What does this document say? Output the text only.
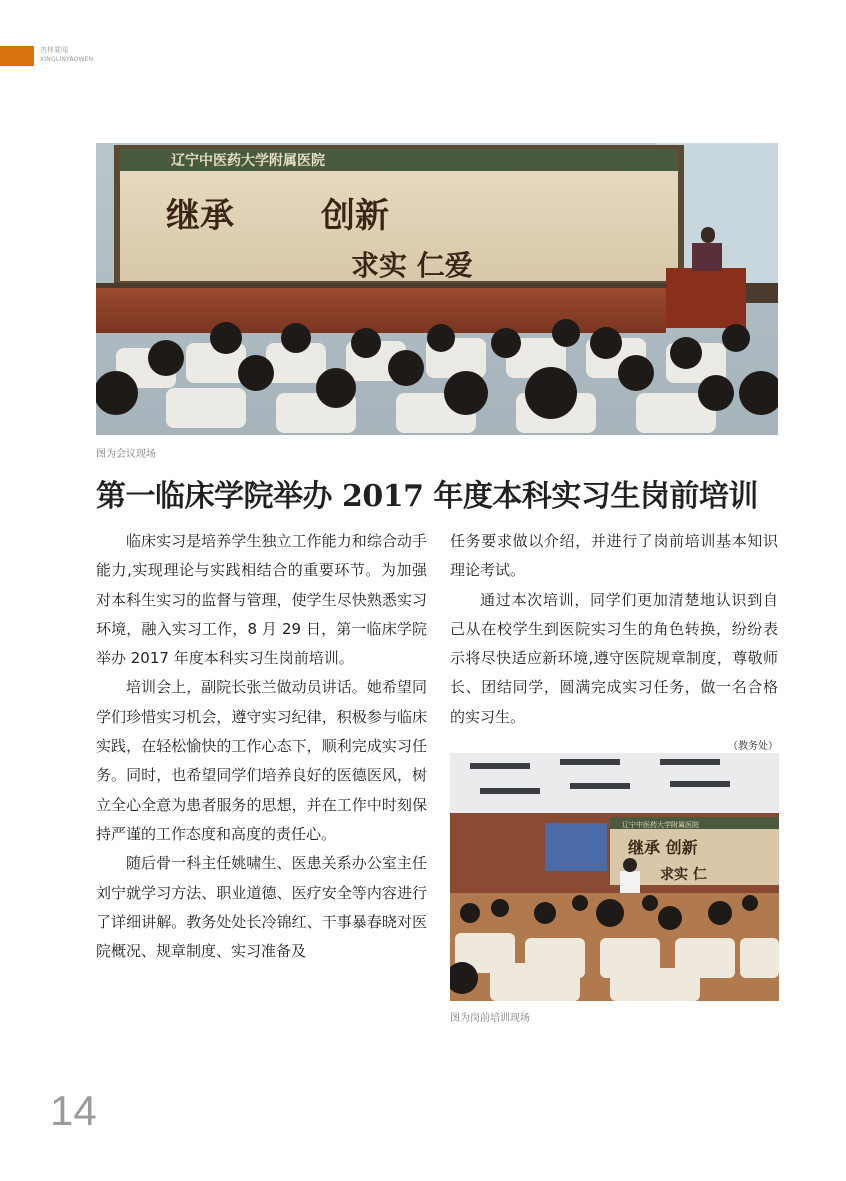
杏林要闻
XINGLINYAOWEN
辽宁中医药大学附属医院
继承	创新
求实 仁爱
图为会议现场
第一临床学院举办 2017 年度本科实习生岗前培训

临床实习是培养学生独立工作能力和综合动手能力,实现理论与实践相结合的重要环节。为加强对本科生实习的监督与管理，使学生尽快熟悉实习环境，融入实习工作，8 月 29 日，第一临床学院举办 2017 年度本科实习生岗前培训。

培训会上，副院长张兰做动员讲话。她希望同学们珍惜实习机会，遵守实习纪律，积极参与临床实践，在轻松愉快的工作心态下，顺利完成实习任务。同时，也希望同学们培养良好的医德医风，树立全心全意为患者服务的思想，并在工作中时刻保持严谨的工作态度和高度的责任心。

随后骨一科主任姚啸生、医患关系办公室主任刘宁就学习方法、职业道德、医疗安全等内容进行了详细讲解。教务处处长冷锦红、干事暴春晓对医院概况、规章制度、实习准备及

任务要求做以介绍，并进行了岗前培训基本知识理论考试。

通过本次培训，同学们更加清楚地认识到自己从在校学生到医院实习生的角色转换，纷纷表示将尽快适应新环境,遵守医院规章制度，尊敬师长、团结同学，圆满完成实习任务，做一名合格的实习生。

（教务处）
辽宁中医药大学附属医院
继承 创新
求实 仁
图为岗前培训现场
14
